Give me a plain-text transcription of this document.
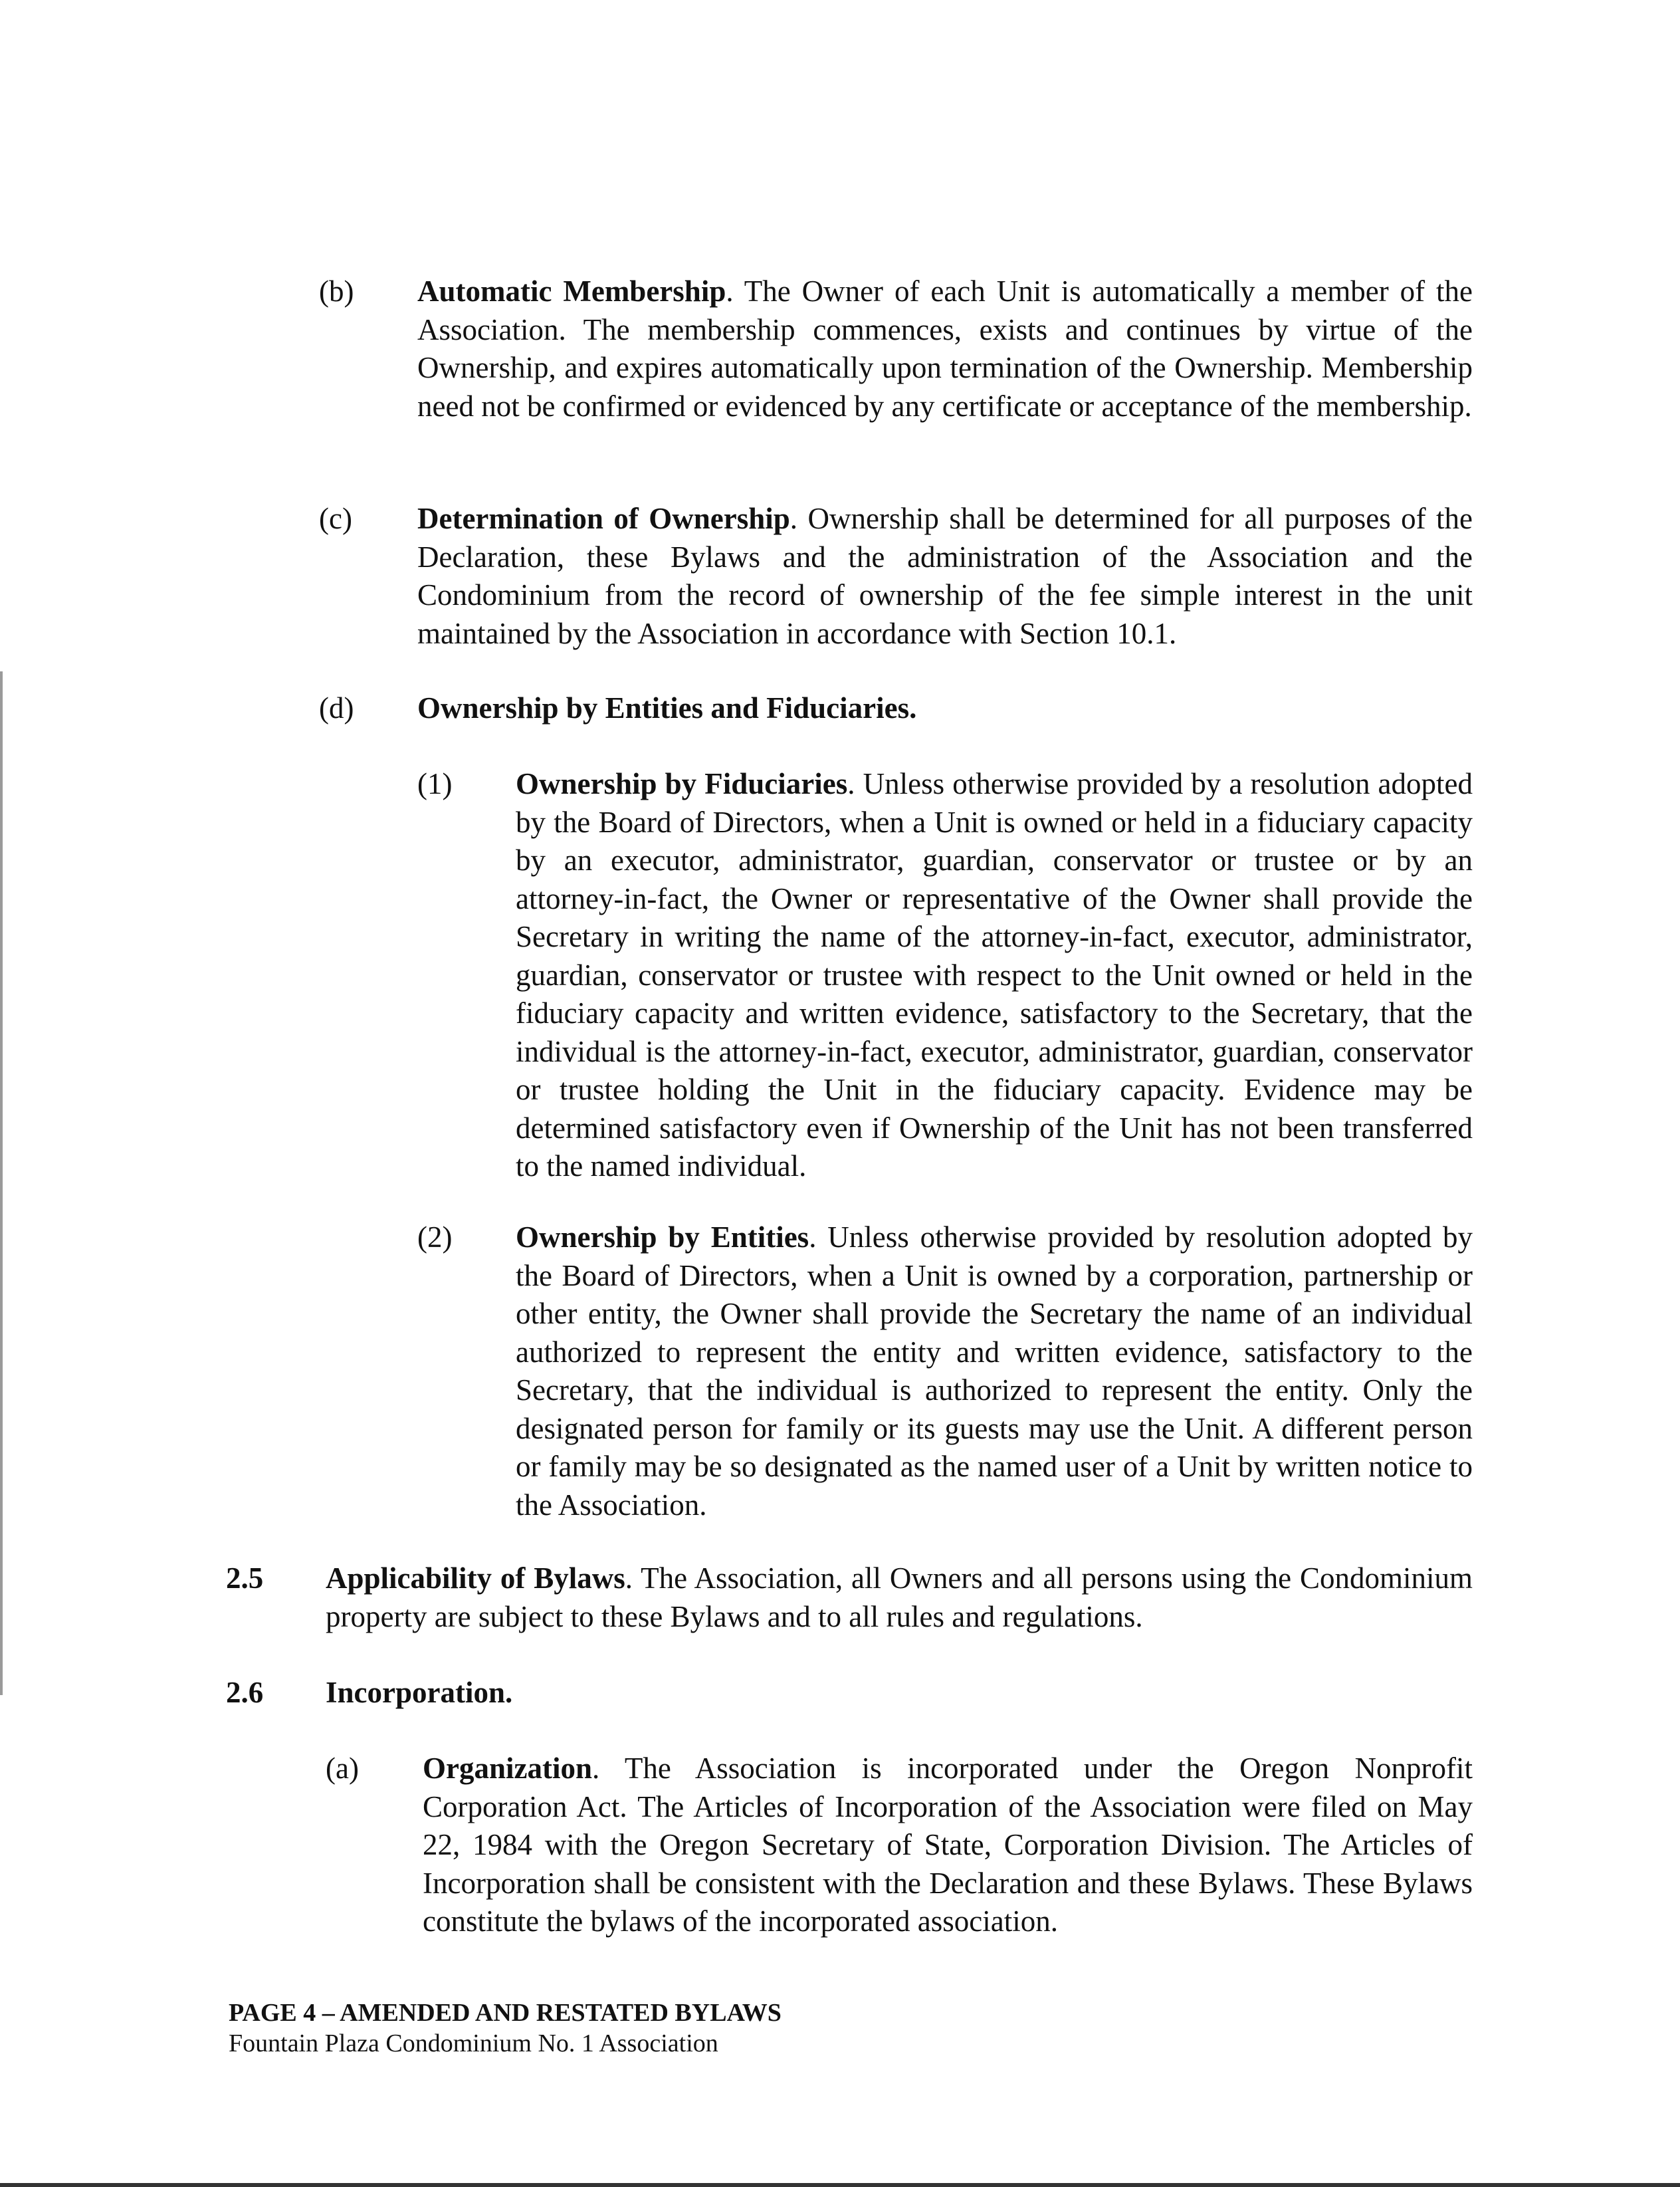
(b) Automatic Membership. The Owner of each Unit is automatically a member of the Association. The membership commences, exists and continues by virtue of the Ownership, and expires automatically upon termination of the Ownership. Membership need not be confirmed or evidenced by any certificate or acceptance of the membership.
(c) Determination of Ownership. Ownership shall be determined for all purposes of the Declaration, these Bylaws and the administration of the Association and the Condominium from the record of ownership of the fee simple interest in the unit maintained by the Association in accordance with Section 10.1.
(d) Ownership by Entities and Fiduciaries.
(1) Ownership by Fiduciaries. Unless otherwise provided by a resolution adopted by the Board of Directors, when a Unit is owned or held in a fiduciary capacity by an executor, administrator, guardian, conservator or trustee or by an attorney-in-fact, the Owner or representative of the Owner shall provide the Secretary in writing the name of the attorney-in-fact, executor, administrator, guardian, conservator or trustee with respect to the Unit owned or held in the fiduciary capacity and written evidence, satisfactory to the Secretary, that the individual is the attorney-in-fact, executor, administrator, guardian, conservator or trustee holding the Unit in the fiduciary capacity. Evidence may be determined satisfactory even if Ownership of the Unit has not been transferred to the named individual.
(2) Ownership by Entities. Unless otherwise provided by resolution adopted by the Board of Directors, when a Unit is owned by a corporation, partnership or other entity, the Owner shall provide the Secretary the name of an individual authorized to represent the entity and written evidence, satisfactory to the Secretary, that the individual is authorized to represent the entity. Only the designated person for family or its guests may use the Unit. A different person or family may be so designated as the named user of a Unit by written notice to the Association.
2.5 Applicability of Bylaws. The Association, all Owners and all persons using the Condominium property are subject to these Bylaws and to all rules and regulations.
2.6 Incorporation.
(a) Organization. The Association is incorporated under the Oregon Nonprofit Corporation Act. The Articles of Incorporation of the Association were filed on May 22, 1984 with the Oregon Secretary of State, Corporation Division. The Articles of Incorporation shall be consistent with the Declaration and these Bylaws. These Bylaws constitute the bylaws of the incorporated association.
PAGE 4 – AMENDED AND RESTATED BYLAWS
Fountain Plaza Condominium No. 1 Association
